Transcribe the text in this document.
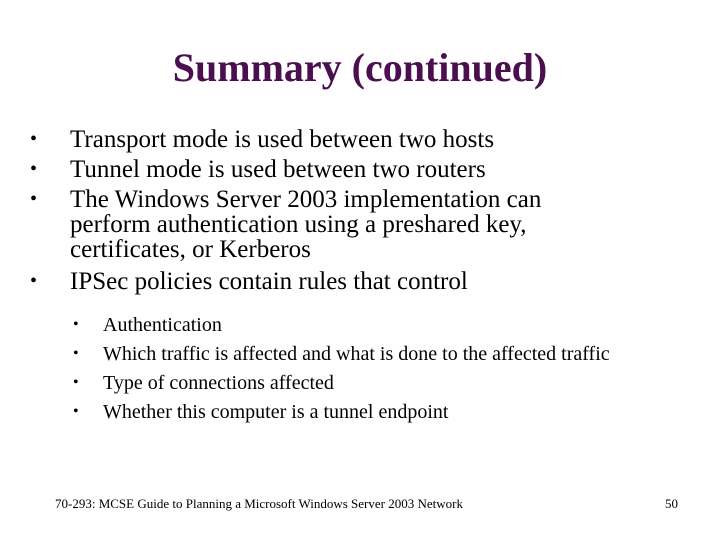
Summary (continued)
• Transport mode is used between two hosts
• Tunnel mode is used between two routers
• The Windows Server 2003 implementation can perform authentication using a preshared key, certificates, or Kerberos
• IPSec policies contain rules that control
• Authentication
• Which traffic is affected and what is done to the affected traffic
• Type of connections affected
• Whether this computer is a tunnel endpoint
70-293: MCSE Guide to Planning a Microsoft Windows Server 2003 Network	50
